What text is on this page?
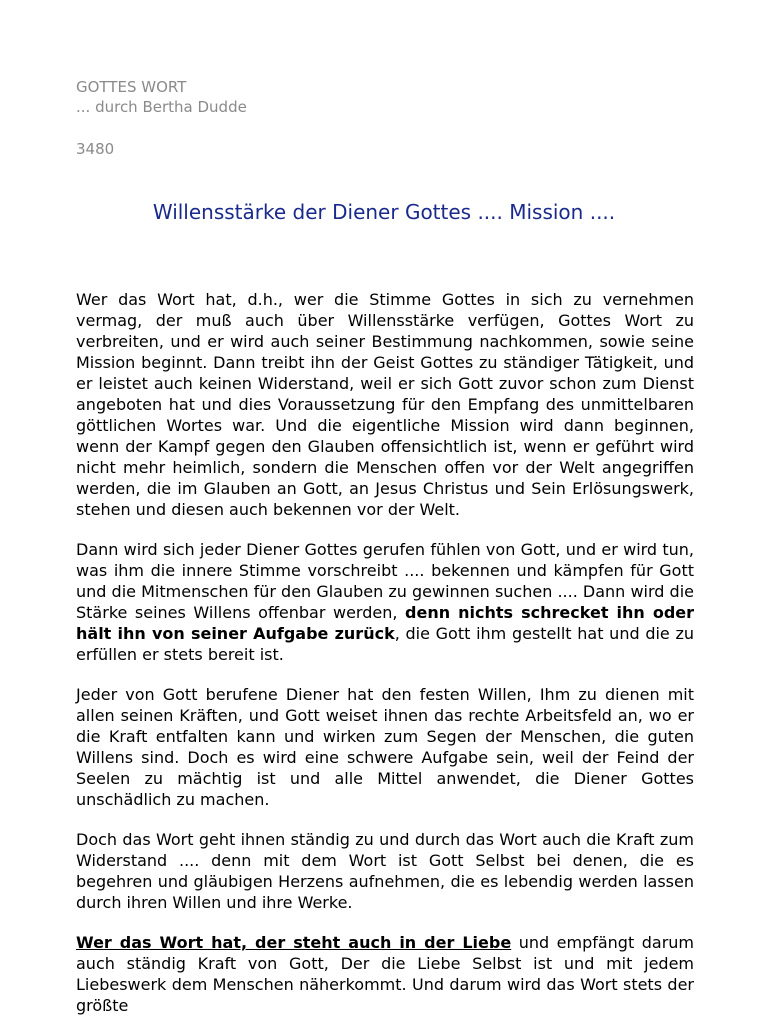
GOTTES WORT
... durch Bertha Dudde
3480
Willensstärke der Diener Gottes .... Mission ....

Wer das Wort hat, d.h., wer die Stimme Gottes in sich zu vernehmen vermag, der muß auch über Willensstärke verfügen, Gottes Wort zu verbreiten, und er wird auch seiner Bestimmung nachkommen, sowie seine Mission beginnt. Dann treibt ihn der Geist Gottes zu ständiger Tätigkeit, und er leistet auch keinen Widerstand, weil er sich Gott zuvor schon zum Dienst angeboten hat und dies Voraussetzung für den Empfang des unmittelbaren göttlichen Wortes war. Und die eigentliche Mission wird dann beginnen, wenn der Kampf gegen den Glauben offensichtlich ist, wenn er geführt wird nicht mehr heimlich, sondern die Menschen offen vor der Welt angegriffen werden, die im Glauben an Gott, an Jesus Christus und Sein Erlösungswerk, stehen und diesen auch bekennen vor der Welt.

Dann wird sich jeder Diener Gottes gerufen fühlen von Gott, und er wird tun, was ihm die innere Stimme vorschreibt .... bekennen und kämpfen für Gott und die Mitmenschen für den Glauben zu gewinnen suchen .... Dann wird die Stärke seines Willens offenbar werden, denn nichts schrecket ihn oder hält ihn von seiner Aufgabe zurück, die Gott ihm gestellt hat und die zu erfüllen er stets bereit ist.

Jeder von Gott berufene Diener hat den festen Willen, Ihm zu dienen mit allen seinen Kräften, und Gott weiset ihnen das rechte Arbeitsfeld an, wo er die Kraft entfalten kann und wirken zum Segen der Menschen, die guten Willens sind. Doch es wird eine schwere Aufgabe sein, weil der Feind der Seelen zu mächtig ist und alle Mittel anwendet, die Diener Gottes unschädlich zu machen.

Doch das Wort geht ihnen ständig zu und durch das Wort auch die Kraft zum Widerstand .... denn mit dem Wort ist Gott Selbst bei denen, die es begehren und gläubigen Herzens aufnehmen, die es lebendig werden lassen durch ihren Willen und ihre Werke.

Wer das Wort hat, der steht auch in der Liebe und empfängt darum auch ständig Kraft von Gott, Der die Liebe Selbst ist und mit jedem Liebeswerk dem Menschen näherkommt. Und darum wird das Wort stets der größte
